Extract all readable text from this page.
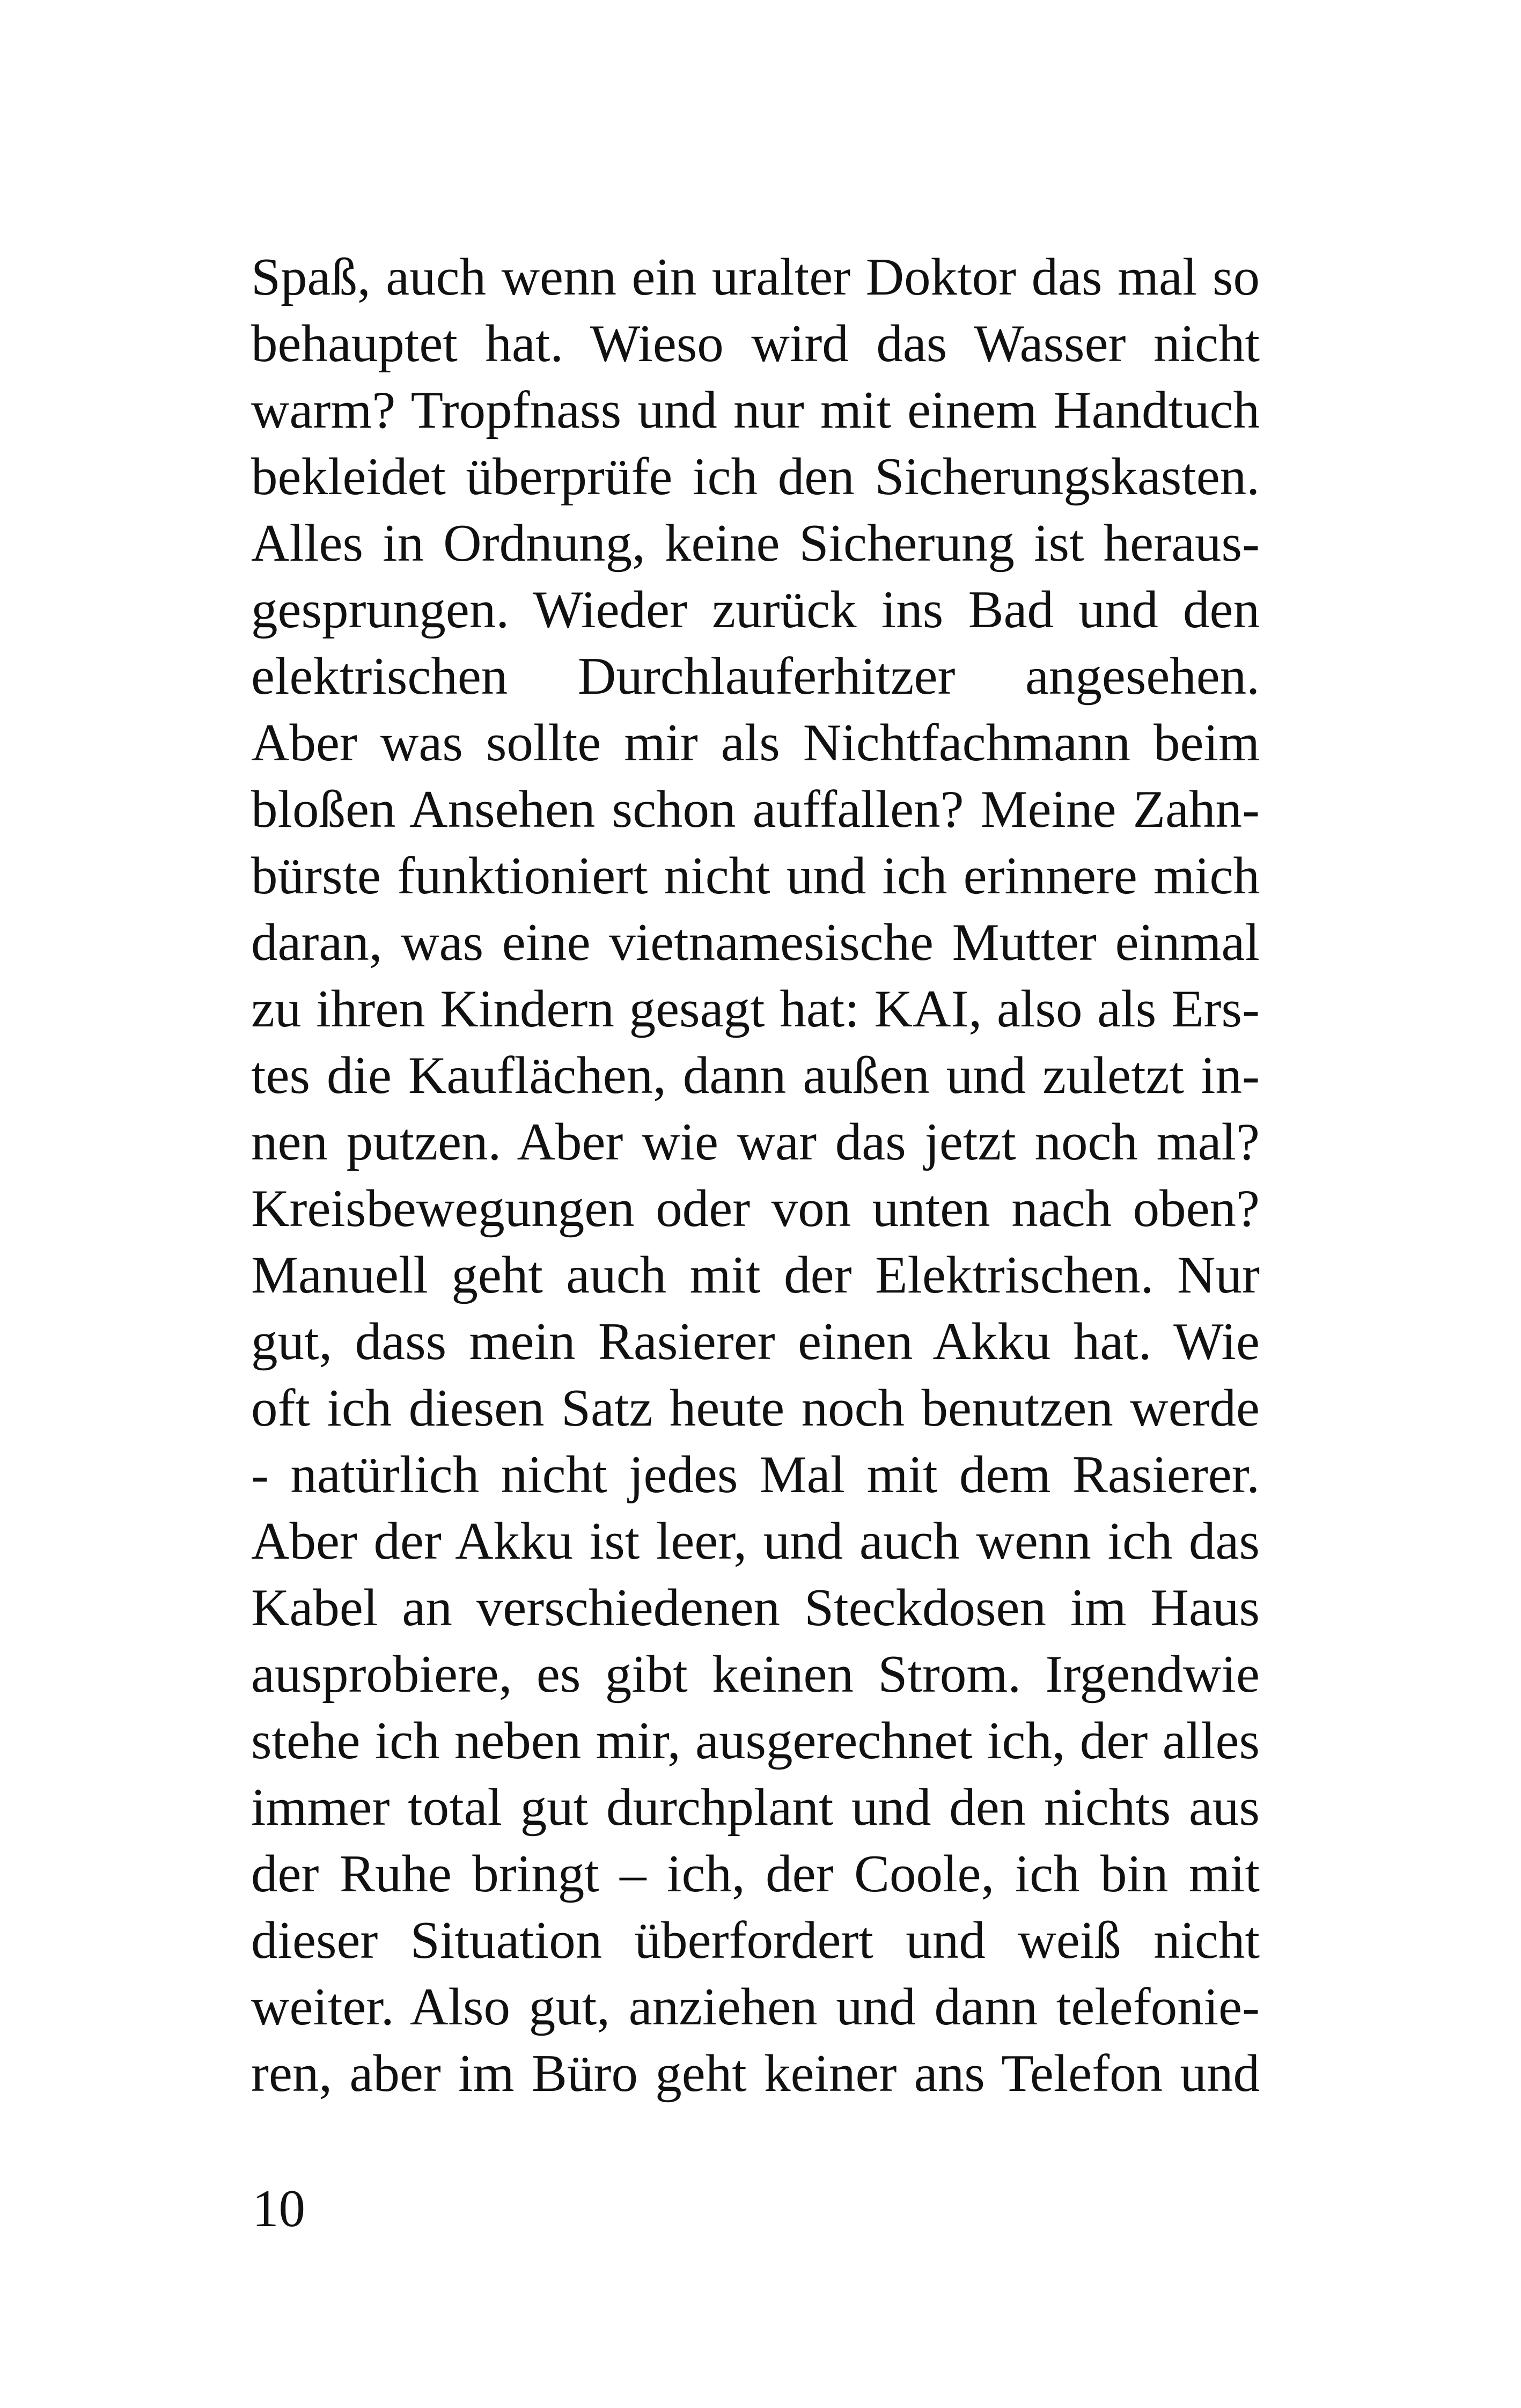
Spaß, auch wenn ein uralter Doktor das mal so
behauptet hat. Wieso wird das Wasser nicht
warm? Tropfnass und nur mit einem Handtuch
bekleidet überprüfe ich den Sicherungskasten.
Alles in Ordnung, keine Sicherung ist heraus-
gesprungen. Wieder zurück ins Bad und den
elektrischen Durchlauferhitzer angesehen.
Aber was sollte mir als Nichtfachmann beim
bloßen Ansehen schon auffallen? Meine Zahn-
bürste funktioniert nicht und ich erinnere mich
daran, was eine vietnamesische Mutter einmal
zu ihren Kindern gesagt hat: KAI, also als Ers-
tes die Kauflächen, dann außen und zuletzt in-
nen putzen. Aber wie war das jetzt noch mal?
Kreisbewegungen oder von unten nach oben?
Manuell geht auch mit der Elektrischen. Nur
gut, dass mein Rasierer einen Akku hat. Wie
oft ich diesen Satz heute noch benutzen werde
- natürlich nicht jedes Mal mit dem Rasierer.
Aber der Akku ist leer, und auch wenn ich das
Kabel an verschiedenen Steckdosen im Haus
ausprobiere, es gibt keinen Strom. Irgendwie
stehe ich neben mir, ausgerechnet ich, der alles
immer total gut durchplant und den nichts aus
der Ruhe bringt – ich, der Coole, ich bin mit
dieser Situation überfordert und weiß nicht
weiter. Also gut, anziehen und dann telefonie-
ren, aber im Büro geht keiner ans Telefon und
10
